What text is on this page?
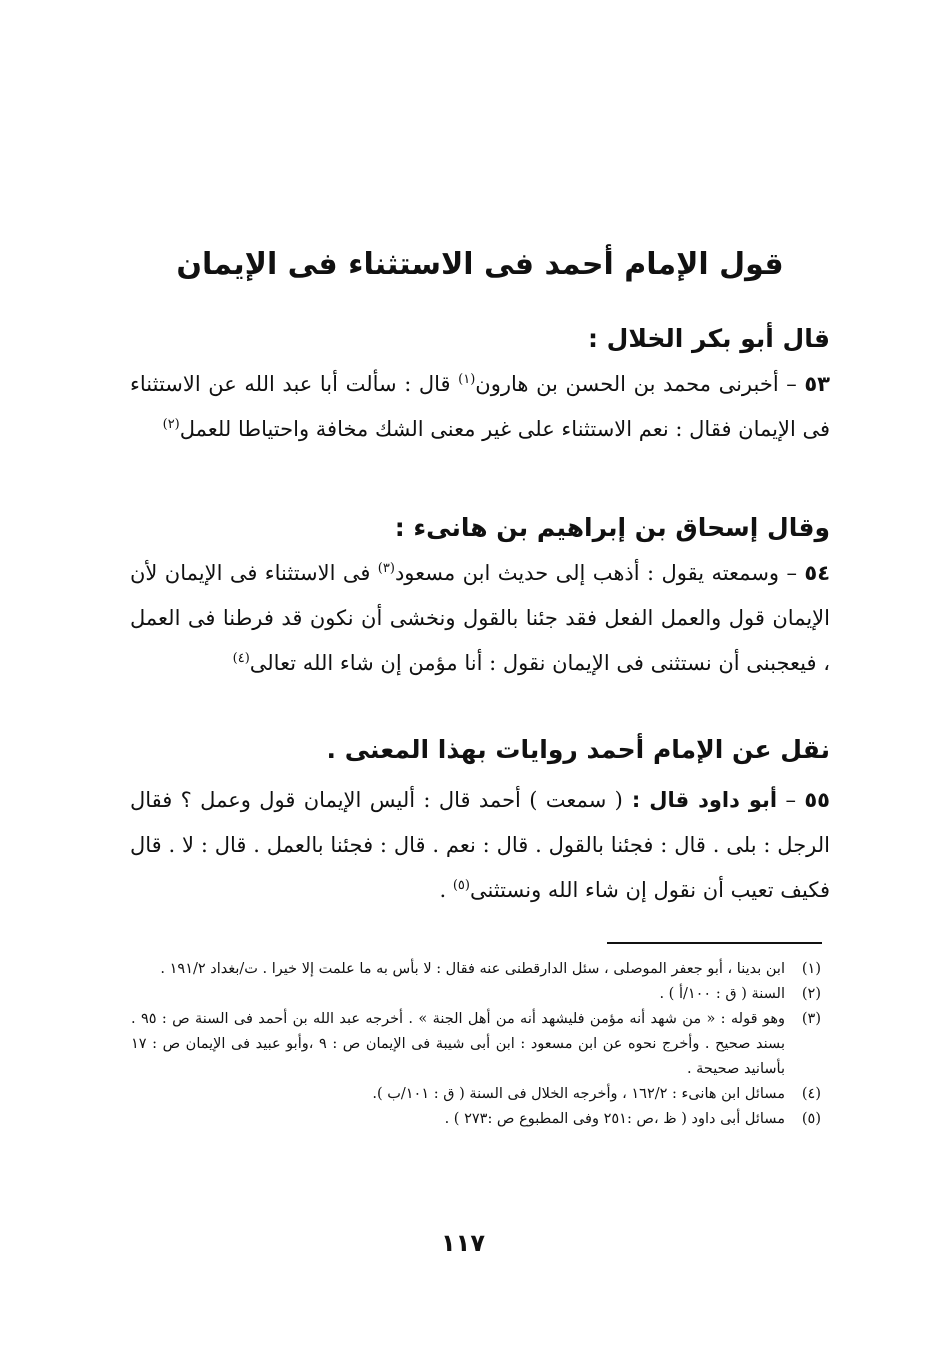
قول الإمام أحمد فى الاستثناء فى الإيمان
قال أبو بكر الخلال :
٥٣ – أخبرنى محمد بن الحسن بن هارون$^{(١)}$ قال : سألت أبا عبد الله عن الاستثناء فى الإيمان فقال : نعم الاستثناء على غير معنى الشك مخافة واحتياطا للعمل$^{(٢)}$
وقال إسحاق بن إبراهيم بن هانىء :
٥٤ – وسمعته يقول : أذهب إلى حديث ابن مسعود$^{(٣)}$ فى الاستثناء فى الإيمان لأن الإيمان قول والعمل الفعل فقد جئنا بالقول ونخشى أن نكون قد فرطنا فى العمل ، فيعجبنى أن نستثنى فى الإيمان نقول : أنا مؤمن إن شاء الله تعالى$^{(٤)}$
نقل عن الإمام أحمد روايات بهذا المعنى .
٥٥ – أبو داود قال : ( سمعت ) أحمد قال : أليس الإيمان قول وعمل ؟ فقال الرجل : بلى . قال : فجئنا بالقول . قال : نعم . قال : فجئنا بالعمل . قال : لا . قال فكيف تعيب أن نقول إن شاء الله ونستثنى$^{(٥)}$ .
(١)
ابن بدينا ، أبو جعفر الموصلى ، سئل الدارقطنى عنه فقال : لا بأس به ما علمت إلا خيرا . ت/بغداد ١٩١/٢ .
(٢)
السنة ( ق : ١٠٠/أ ) .
(٣)
وهو قوله : « من شهد أنه مؤمن فليشهد أنه من أهل الجنة » . أخرجه عبد الله بن أحمد فى السنة ص : ٩٥ . بسند صحيح . وأخرج نحوه عن ابن مسعود : ابن أبى شيبة فى الإيمان ص : ٩ ،وأبو عبيد فى الإيمان ص : ١٧ بأسانيد صحيحة .
(٤)
مسائل ابن هانىء : ١٦٢/٢ ، وأخرجه الخلال فى السنة ( ق : ١٠١/ب ).
(٥)
مسائل أبى داود ( ظ ،ص :٢٥١ وفى المطبوع ص :٢٧٣ ) .
١١٧
